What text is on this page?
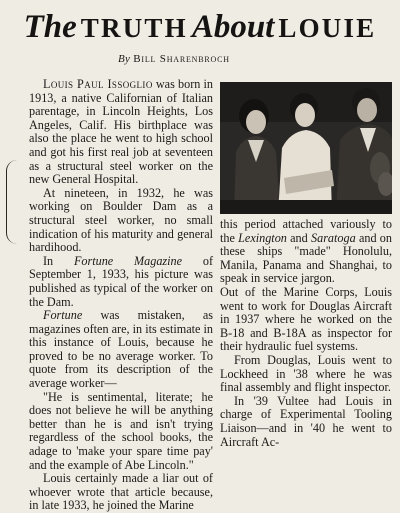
The TRUTH About LOUIE
By Bill Sharenbroch

Louis Paul Issoglio was born in 1913, a native Californian of Italian parentage, in Lincoln Heights, Los Angeles, Calif. His birthplace was also the place he went to high school and got his first real job at seventeen as a structural steel worker on the new General Hospital.

At nineteen, in 1932, he was working on Boulder Dam as a structural steel worker, no small indication of his maturity and general hardihood.

In Fortune Magazine of September 1, 1933, his picture was published as typical of the worker on the Dam.

Fortune was mistaken, as magazines often are, in its estimate in this instance of Louis, because he proved to be no average worker. To quote from its description of the average worker—

"He is sentimental, literate; he does not believe he will be anything better than he is and isn't trying regardless of the school books, the adage to 'make your spare time pay' and the example of Abe Lincoln."

Louis certainly made a liar out of whoever wrote that article because, in late 1933, he joined the Marine

this period attached variously to the Lexington and Saratoga and on these ships "made" Honolulu, Manila, Panama and Shanghai, to speak in service jargon.

Out of the Marine Corps, Louis went to work for Douglas Aircraft in 1937 where he worked on the B-18 and B-18A as inspector for their hydraulic fuel systems.

From Douglas, Louis went to Lockheed in '38 where he was final assembly and flight inspector.

In '39 Vultee had Louis in charge of Experimental Tooling Liaison—and in '40 he went to Aircraft Ac-
